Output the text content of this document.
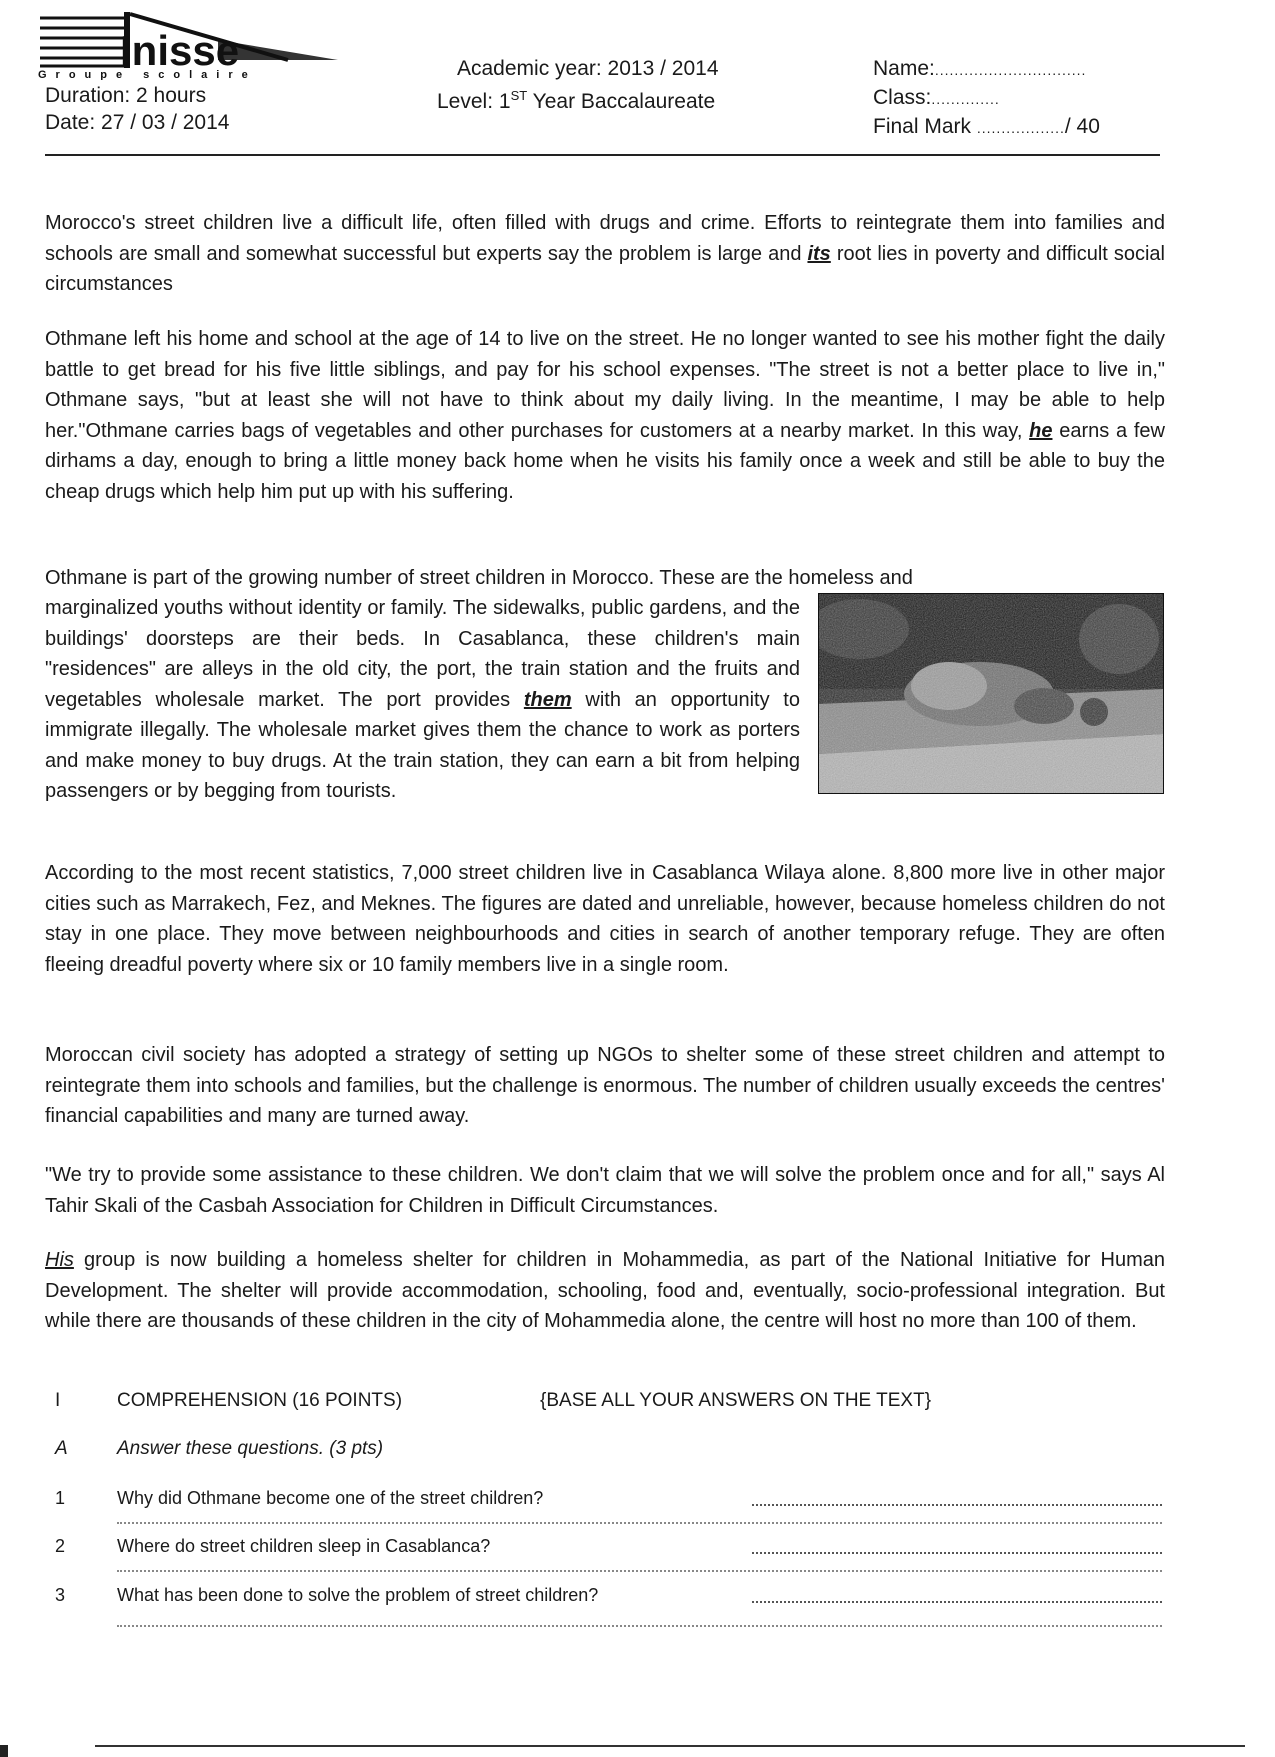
Inisse
Groupe scolaire
Duration: 2 hours
Date: 27 / 03 / 2014
Academic year: 2013 / 2014
Level: 1ST Year Baccalaureate
Name:...............................
Class:..............
Final Mark ................../ 40

Morocco's street children live a difficult life, often filled with drugs and crime. Efforts to reintegrate them into families and schools are small and somewhat successful but experts say the problem is large and its root lies in poverty and difficult social circumstances

Othmane left his home and school at the age of 14 to live on the street. He no longer wanted to see his mother fight the daily battle to get bread for his five little siblings, and pay for his school expenses. "The street is not a better place to live in," Othmane says, "but at least she will not have to think about my daily living. In the meantime, I may be able to help her."Othmane carries bags of vegetables and other purchases for customers at a nearby market. In this way, he earns a few dirhams a day, enough to bring a little money back home when he visits his family once a week and still be able to buy the cheap drugs which help him put up with his suffering.

Othmane is part of the growing number of street children in Morocco. These are the homeless and

marginalized youths without identity or family. The sidewalks, public gardens, and the buildings' doorsteps are their beds. In Casablanca, these children's main "residences" are alleys in the old city, the port, the train station and the fruits and vegetables wholesale market. The port provides them with an opportunity to immigrate illegally. The wholesale market gives them the chance to work as porters and make money to buy drugs. At the train station, they can earn a bit from helping passengers or by begging from tourists.

According to the most recent statistics, 7,000 street children live in Casablanca Wilaya alone. 8,800 more live in other major cities such as Marrakech, Fez, and Meknes. The figures are dated and unreliable, however, because homeless children do not stay in one place. They move between neighbourhoods and cities in search of another temporary refuge. They are often fleeing dreadful poverty where six or 10 family members live in a single room.

Moroccan civil society has adopted a strategy of setting up NGOs to shelter some of these street children and attempt to reintegrate them into schools and families, but the challenge is enormous. The number of children usually exceeds the centres' financial capabilities and many are turned away.

"We try to provide some assistance to these children. We don't claim that we will solve the problem once and for all," says Al Tahir Skali of the Casbah Association for Children in Difficult Circumstances.

His group is now building a homeless shelter for children in Mohammedia, as part of the National Initiative for Human Development. The shelter will provide accommodation, schooling, food and, eventually, socio-professional integration. But while there are thousands of these children in the city of Mohammedia alone, the centre will host no more than 100 of them.

I	COMPREHENSION (16 POINTS)	{BASE ALL YOUR ANSWERS ON THE TEXT}
A	Answer these questions. (3 pts)
1	Why did Othmane become one of the street children?
2	Where do street children sleep in Casablanca?
3	What has been done to solve the problem of street children?
